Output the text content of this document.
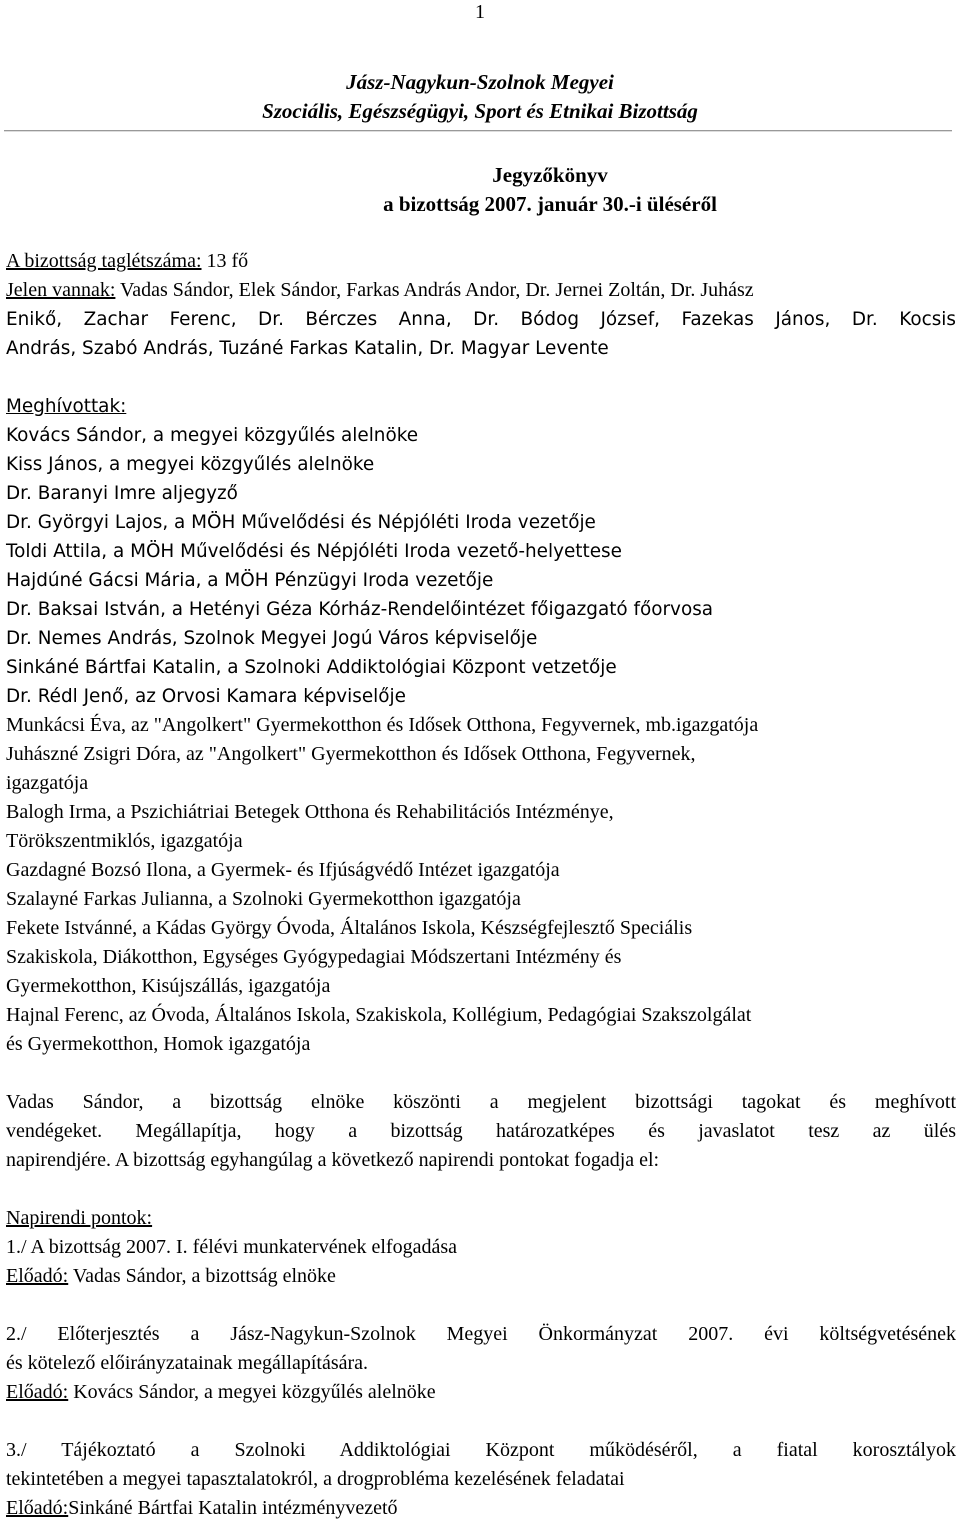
1
Jász-Nagykun-Szolnok Megyei
Szociális, Egészségügyi, Sport és Etnikai Bizottság
Jegyzőkönyv
a bizottság 2007. január 30.-i üléséről
A bizottság taglétszáma: 13 fő
Jelen vannak: Vadas Sándor, Elek Sándor, Farkas András Andor, Dr. Jernei Zoltán, Dr. Juhász
Enikő, Zachar Ferenc, Dr. Bérczes Anna, Dr. Bódog József, Fazekas János, Dr. Kocsis
András, Szabó András, Tuzáné Farkas Katalin, Dr. Magyar Levente
Meghívottak:
Kovács Sándor, a megyei közgyűlés alelnöke
Kiss János, a megyei közgyűlés alelnöke
Dr. Baranyi Imre aljegyző
Dr. Györgyi Lajos, a MÖH Művelődési és Népjóléti Iroda vezetője
Toldi Attila, a MÖH Művelődési és Népjóléti Iroda vezető-helyettese
Hajdúné Gácsi Mária, a MÖH Pénzügyi Iroda vezetője
Dr. Baksai István, a Hetényi Géza Kórház-Rendelőintézet főigazgató főorvosa
Dr. Nemes András, Szolnok Megyei Jogú Város képviselője
Sinkáné Bártfai Katalin, a Szolnoki Addiktológiai Központ vetzetője
Dr. Rédl Jenő, az Orvosi Kamara képviselője
Munkácsi Éva, az "Angolkert" Gyermekotthon és Idősek Otthona, Fegyvernek, mb.igazgatója
Juhászné Zsigri Dóra, az "Angolkert" Gyermekotthon és Idősek Otthona, Fegyvernek,
igazgatója
Balogh Irma, a Pszichiátriai Betegek Otthona és Rehabilitációs Intézménye,
Törökszentmiklós, igazgatója
Gazdagné Bozsó Ilona, a Gyermek- és Ifjúságvédő Intézet igazgatója
Szalayné Farkas Julianna, a Szolnoki Gyermekotthon igazgatója
Fekete Istvánné, a Kádas György Óvoda, Általános Iskola, Készségfejlesztő Speciális
Szakiskola, Diákotthon, Egységes Gyógypedagiai Módszertani Intézmény és
Gyermekotthon, Kisújszállás, igazgatója
Hajnal Ferenc, az Óvoda, Általános Iskola, Szakiskola, Kollégium, Pedagógiai Szakszolgálat
és Gyermekotthon, Homok igazgatója
Vadas Sándor, a bizottság elnöke köszönti a megjelent bizottsági tagokat és meghívott
vendégeket. Megállapítja, hogy a bizottság határozatképes és javaslatot tesz az ülés
napirendjére. A bizottság egyhangúlag a következő napirendi pontokat fogadja el:
Napirendi pontok:
1./ A bizottság 2007. I. félévi munkatervének elfogadása
Előadó: Vadas Sándor, a bizottság elnöke
2./ Előterjesztés a Jász-Nagykun-Szolnok Megyei Önkormányzat 2007. évi költségvetésének
és kötelező előirányzatainak megállapítására.
Előadó: Kovács Sándor, a megyei közgyűlés alelnöke
3./ Tájékoztató a Szolnoki Addiktológiai Központ működéséről, a fiatal korosztályok
tekintetében a megyei tapasztalatokról, a drogprobléma kezelésének feladatai
Előadó:Sinkáné Bártfai Katalin intézményvezető
